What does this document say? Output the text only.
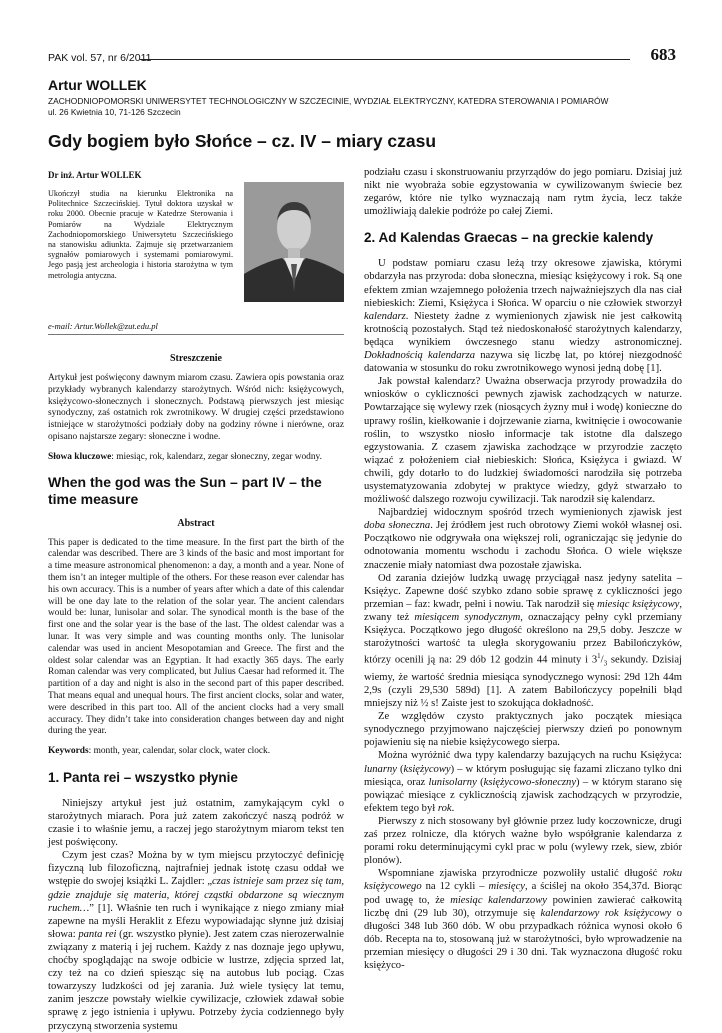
PAK vol. 57, nr 6/2011	683
Artur WOLLEK
ZACHODNIOPOMORSKI UNIWERSYTET TECHNOLOGICZNY W SZCZECINIE, WYDZIAŁ ELEKTRYCZNY, KATEDRA STEROWANIA I POMIARÓW
ul. 26 Kwietnia 10, 71-126 Szczecin
Gdy bogiem było Słońce – cz. IV – miary czasu
Dr inż. Artur WOLLEK

Ukończył studia na kierunku Elektronika na Politechnice Szczecińskiej. Tytuł doktora uzyskał w roku 2000. Obecnie pracuje w Katedrze Sterowania i Pomiarów na Wydziale Elektrycznym Zachodniopomorskiego Uniwersytetu Szczecińskiego na stanowisku adiunkta. Zajmuje się przetwarzaniem sygnałów pomiarowych i systemami pomiarowymi. Jego pasją jest archeologia i historia starożytna w tym metrologia antyczna.

e-mail: Artur.Wollek@zut.edu.pl
Streszczenie

Artykuł jest poświęcony dawnym miarom czasu. Zawiera opis powstania oraz przykłady wybranych kalendarzy starożytnych. Wśród nich: księżycowych, księżycowo-słonecznych i słonecznych. Podstawą pierwszych jest miesiąc synodyczny, zaś ostatnich rok zwrotnikowy. W drugiej części przedstawiono istniejące w starożytności podziały doby na godziny równe i nierówne, oraz opisano najstarsze zegary: słoneczne i wodne.

Słowa kluczowe: miesiąc, rok, kalendarz, zegar słoneczny, zegar wodny.

When the god was the Sun – part IV – the time measure
Abstract

This paper is dedicated to the time measure. In the first part the birth of the calendar was described. There are 3 kinds of the basic and most important for a time measure astronomical phenomenon: a day, a month and a year. None of them isn’t an integer multiple of the others. For these reason ever calendar has his own accuracy. This is a number of years after which a date of this calendar will be one day late to the relation of the solar year. The ancient calendars would be: lunar, lunisolar and solar. The synodical month is the base of the first one and the solar year is the base of the last. The oldest calendar was a lunar. It was very simple and was counting months only. The lunisolar calendar was used in ancient Mesopotamian and Greece. The first and the oldest solar calendar was an Egyptian. It had exactly 365 days. The early Roman calendar was very complicated, but Julius Caesar had reformed it. The partition of a day and night is also in the second part of this paper described. That means equal and unequal hours. The first ancient clocks, solar and water, were described in this part too. All of the ancient clocks had a very small accuracy. They didn’t take into consideration changes between day and night during the year.

Keywords: month, year, calendar, solar clock, water clock.

1. Panta rei – wszystko płynie

Niniejszy artykuł jest już ostatnim, zamykającym cykl o starożytnych miarach. Pora już zatem zakończyć naszą podróż w czasie i to właśnie jemu, a raczej jego starożytnym miarom tekst ten jest poświęcony.

Czym jest czas? Można by w tym miejscu przytoczyć definicję fizyczną lub filozoficzną, najtrafniej jednak istotę czasu oddał we wstępie do swojej książki L. Zajdler: „czas istnieje sam przez się tam, gdzie znajduje się materia, której cząstki obdarzone są wiecznym ruchem…” [1]. Właśnie ten ruch i wynikające z niego zmiany miał zapewne na myśli Heraklit z Efezu wypowiadając słynne już dzisiaj słowa: panta rei (gr. wszystko płynie). Jest zatem czas nierozerwalnie związany z materią i jej ruchem. Każdy z nas doznaje jego upływu, choćby spoglądając na swoje odbicie w lustrze, zdjęcia sprzed lat, czy też na co dzień spiesząc się na autobus lub pociąg. Czas towarzyszy ludzkości od jej zarania. Już wiele tysięcy lat temu, zanim jeszcze powstały wielkie cywilizacje, człowiek zdawał sobie sprawę z jego istnienia i upływu. Potrzeby życia codziennego były przyczyną stworzenia systemu

podziału czasu i skonstruowaniu przyrządów do jego pomiaru. Dzisiaj już nikt nie wyobraża sobie egzystowania w cywilizowanym świecie bez zegarów, które nie tylko wyznaczają nam rytm życia, lecz także umożliwiają dalekie podróże po całej Ziemi.

2. Ad Kalendas Graecas – na greckie kalendy

U podstaw pomiaru czasu leżą trzy okresowe zjawiska, którymi obdarzyła nas przyroda: doba słoneczna, miesiąc księżycowy i rok. Są one efektem zmian wzajemnego położenia trzech najważniejszych dla nas ciał niebieskich: Ziemi, Księżyca i Słońca. W oparciu o nie człowiek stworzył kalendarz. Niestety żadne z wymienionych zjawisk nie jest całkowitą krotnością pozostałych. Stąd też niedoskonałość starożytnych kalendarzy, będąca wynikiem ówczesnego stanu wiedzy astronomicznej. Dokładnością kalendarza nazywa się liczbę lat, po której niezgodność datowania w stosunku do roku zwrotnikowego wynosi jedną dobę [1].

Jak powstał kalendarz? Uważna obserwacja przyrody prowadziła do wniosków o cykliczności pewnych zjawisk zachodzących w naturze. Powtarzające się wylewy rzek (niosących żyzny muł i wodę) konieczne do uprawy roślin, kiełkowanie i dojrzewanie ziarna, kwitnięcie i owocowanie roślin, to wszystko niosło informacje tak istotne dla dalszego egzystowania. Z czasem zjawiska zachodzące w przyrodzie zaczęto wiązać z położeniem ciał niebieskich: Słońca, Księżyca i gwiazd. W chwili, gdy dotarło to do ludzkiej świadomości narodziła się potrzeba usystematyzowania zdobytej w praktyce wiedzy, gdyż stwarzało to możliwość dalszego rozwoju cywilizacji. Tak narodził się kalendarz.

Najbardziej widocznym spośród trzech wymienionych zjawisk jest doba słoneczna. Jej źródłem jest ruch obrotowy Ziemi wokół własnej osi. Początkowo nie odgrywała ona większej roli, ograniczając się jedynie do odnotowania momentu wschodu i zachodu Słońca. O wiele większe znaczenie miały natomiast dwa pozostałe zjawiska.

Od zarania dziejów ludzką uwagę przyciągał nasz jedyny satelita – Księżyc. Zapewne dość szybko zdano sobie sprawę z cykliczności jego przemian – faz: kwadr, pełni i nowiu. Tak narodził się miesiąc księżycowy, zwany też miesiącem synodycznym, oznaczający pełny cykl przemiany Księżyca. Początkowo jego długość określono na 29,5 doby. Jeszcze w starożytności wartość ta uległa skorygowaniu przez Babilończyków, którzy ocenili ją na: 29 dób 12 godzin 44 minuty i $3^1/_3$ sekundy. Dzisiaj wiemy, że wartość średnia miesiąca synodycznego wynosi: 29d 12h 44m 2,9s (czyli 29,530 589d) [1]. A zatem Babilończycy popełnili błąd mniejszy niż ½ s! Zaiste jest to szokująca dokładność.

Ze względów czysto praktycznych jako początek miesiąca synodycznego przyjmowano najczęściej pierwszy dzień po ponownym pojawieniu się na niebie księżycowego sierpa.

Można wyróżnić dwa typy kalendarzy bazujących na ruchu Księżyca: lunarny (księżycowy) – w którym posługując się fazami zliczano tylko dni miesiąca, oraz lunisolarny (księżycowo-słoneczny) – w którym starano się powiązać miesiące z cyklicznością zjawisk zachodzących w przyrodzie, efektem tego był rok.

Pierwszy z nich stosowany był głównie przez ludy koczownicze, drugi zaś przez rolnicze, dla których ważne było współgranie kalendarza z porami roku determinującymi cykl prac w polu (wylewy rzek, siew, zbiór plonów).

Wspomniane zjawiska przyrodnicze pozwoliły ustalić długość roku księżycowego na 12 cykli – miesięcy, a ściślej na około 354,37d. Biorąc pod uwagę to, że miesiąc kalendarzowy powinien zawierać całkowitą liczbę dni (29 lub 30), otrzymuje się kalendarzowy rok księżycowy o długości 348 lub 360 dób. W obu przypadkach różnica wynosi około 6 dób. Recepta na to, stosowaną już w starożytności, było wprowadzenie na przemian miesięcy o długości 29 i 30 dni. Tak wyznaczona długość roku księżyco-
